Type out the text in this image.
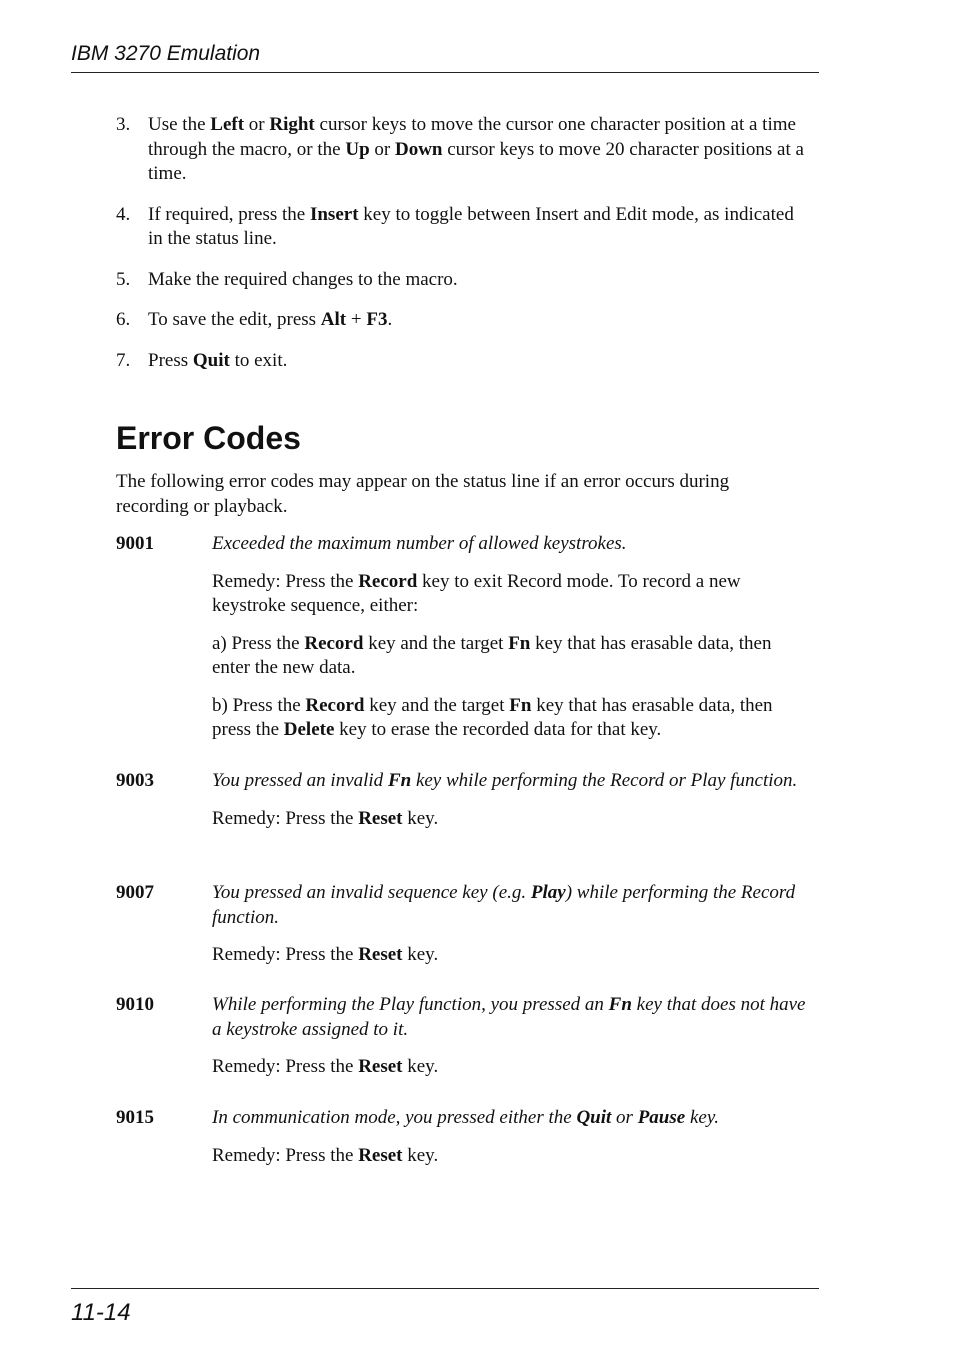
IBM 3270 Emulation
3. Use the Left or Right cursor keys to move the cursor one character position at a time through the macro, or the Up or Down cursor keys to move 20 character positions at a time.
4. If required, press the Insert key to toggle between Insert and Edit mode, as indicated in the status line.
5. Make the required changes to the macro.
6. To save the edit, press Alt + F3.
7. Press Quit to exit.
Error Codes

The following error codes may appear on the status line if an error occurs during recording or playback.

9001	Exceeded the maximum number of allowed keystrokes.

Remedy: Press the Record key to exit Record mode. To record a new keystroke sequence, either:

a) Press the Record key and the target Fn key that has erasable data, then enter the new data.

b) Press the Record key and the target Fn key that has erasable data, then press the Delete key to erase the recorded data for that key.

9003	You pressed an invalid Fn key while performing the Record or Play function.

Remedy: Press the Reset key.

9007	You pressed an invalid sequence key (e.g. Play) while performing the Record function.

Remedy: Press the Reset key.

9010	While performing the Play function, you pressed an Fn key that does not have a keystroke assigned to it.

Remedy: Press the Reset key.

9015	In communication mode, you pressed either the Quit or Pause key.

Remedy: Press the Reset key.

11-14
